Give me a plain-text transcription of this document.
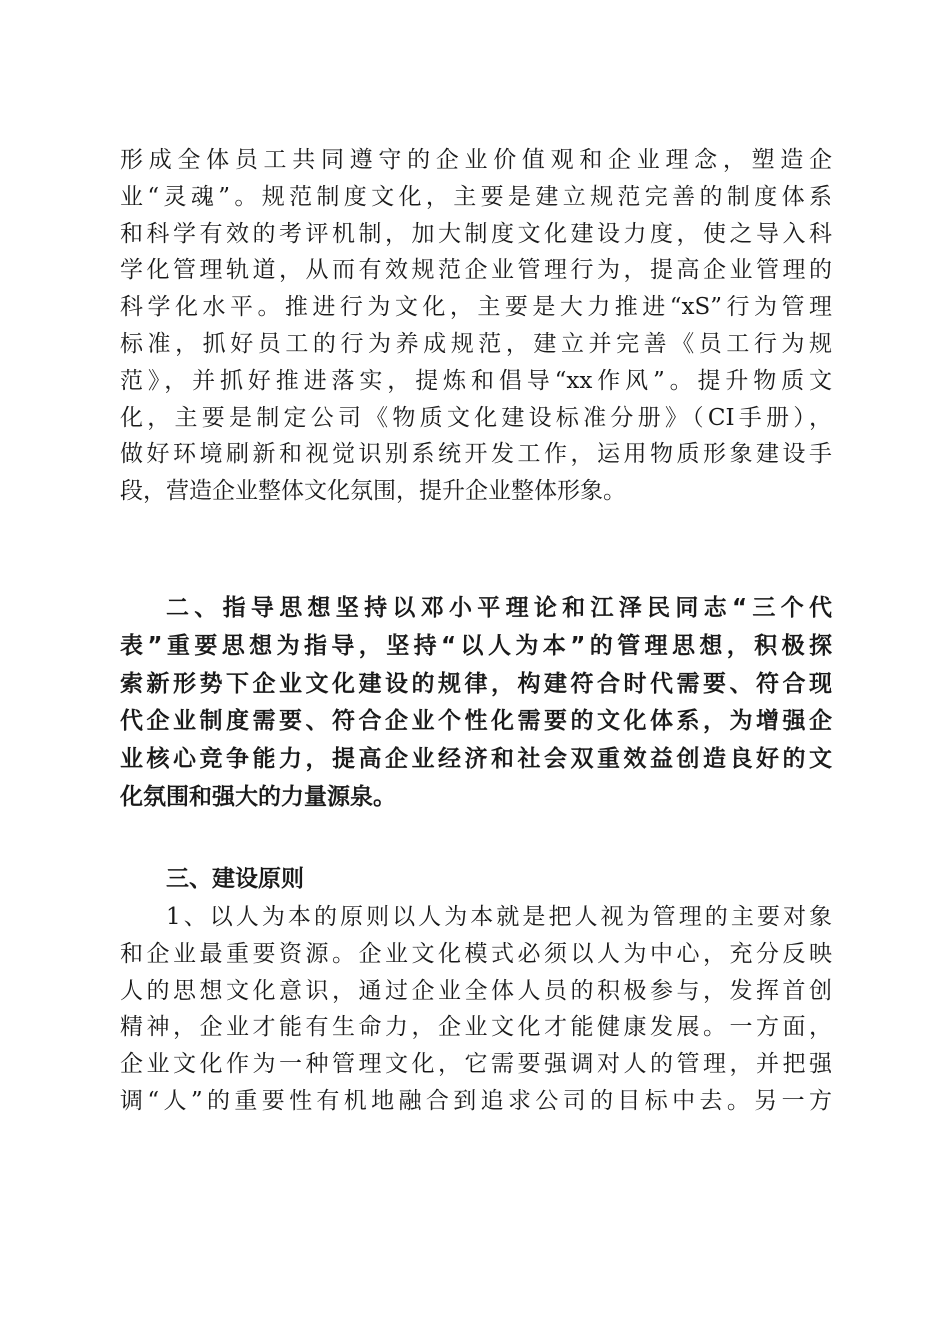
形成全体员工共同遵守的企业价值观和企业理念，塑造企
业“灵魂”。规范制度文化，主要是建立规范完善的制度体系
和科学有效的考评机制，加大制度文化建设力度，使之导入科
学化管理轨道，从而有效规范企业管理行为，提高企业管理的
科学化水平。推进行为文化，主要是大力推进“xS”行为管理
标准，抓好员工的行为养成规范，建立并完善《员工行为规
范》，并抓好推进落实，提炼和倡导“xx作风”。提升物质文
化，主要是制定公司《物质文化建设标准分册》（CI手册），
做好环境刷新和视觉识别系统开发工作，运用物质形象建设手
段，营造企业整体文化氛围，提升企业整体形象。
二、指导思想坚持以邓小平理论和江泽民同志“三个代
表”重要思想为指导，坚持“以人为本”的管理思想，积极探
索新形势下企业文化建设的规律，构建符合时代需要、符合现
代企业制度需要、符合企业个性化需要的文化体系，为增强企
业核心竞争能力，提高企业经济和社会双重效益创造良好的文
化氛围和强大的力量源泉。
三、建设原则
1、以人为本的原则以人为本就是把人视为管理的主要对象
和企业最重要资源。企业文化模式必须以人为中心，充分反映
人的思想文化意识，通过企业全体人员的积极参与，发挥首创
精神，企业才能有生命力，企业文化才能健康发展。一方面，
企业文化作为一种管理文化，它需要强调对人的管理，并把强
调“人”的重要性有机地融合到追求公司的目标中去。另一方
